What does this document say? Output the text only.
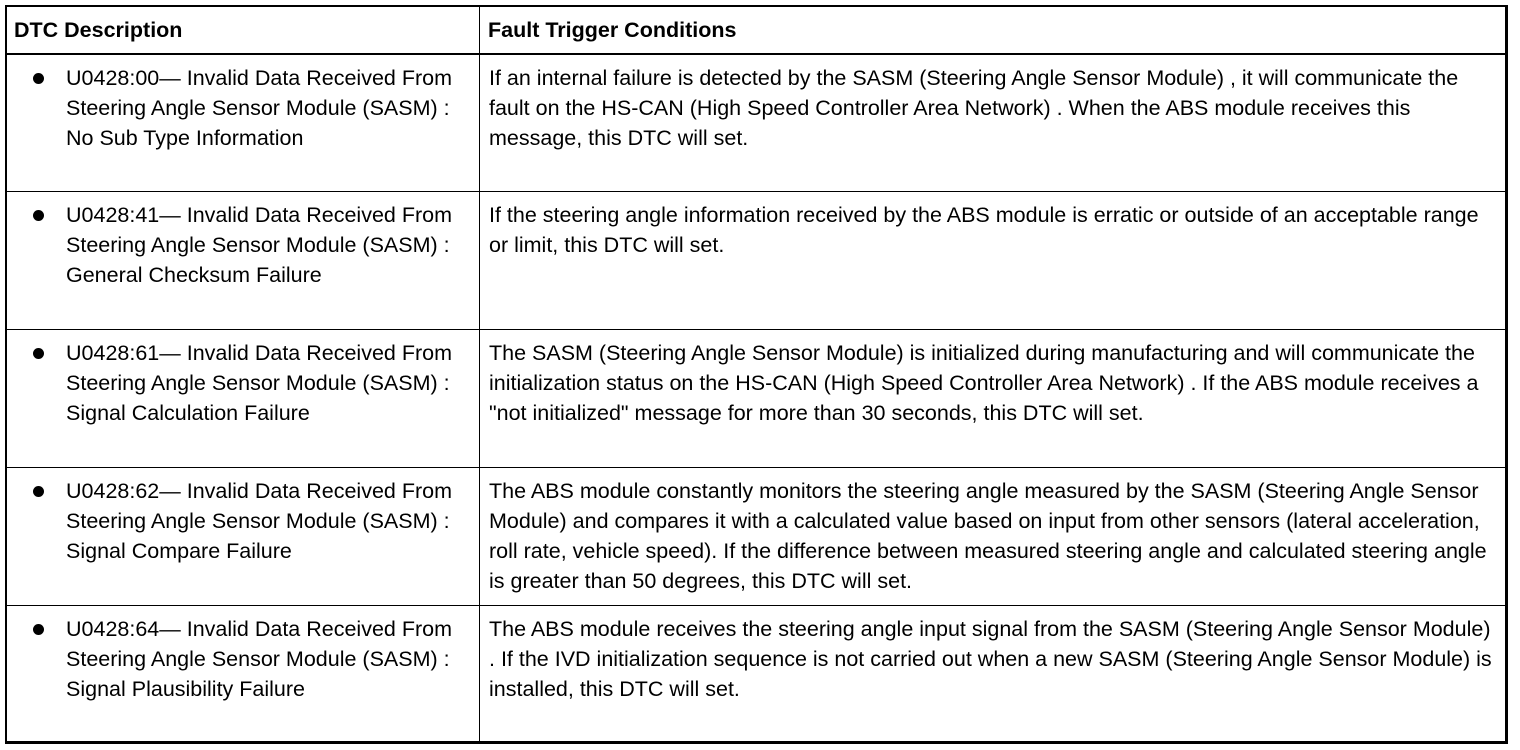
DTC Description	Fault Trigger Conditions

U0428:00— Invalid Data Received From Steering Angle Sensor Module (SASM) : No Sub Type Information	If an internal failure is detected by the SASM (Steering Angle Sensor Module) , it will communicate the fault on the HS-CAN (High Speed Controller Area Network) . When the ABS module receives this message, this DTC will set.

U0428:41— Invalid Data Received From Steering Angle Sensor Module (SASM) : General Checksum Failure	If the steering angle information received by the ABS module is erratic or outside of an acceptable range or limit, this DTC will set.

U0428:61— Invalid Data Received From Steering Angle Sensor Module (SASM) : Signal Calculation Failure	The SASM (Steering Angle Sensor Module) is initialized during manufacturing and will communicate the initialization status on the HS-CAN (High Speed Controller Area Network) . If the ABS module receives a "not initialized" message for more than 30 seconds, this DTC will set.

U0428:62— Invalid Data Received From Steering Angle Sensor Module (SASM) : Signal Compare Failure	The ABS module constantly monitors the steering angle measured by the SASM (Steering Angle Sensor Module) and compares it with a calculated value based on input from other sensors (lateral acceleration, roll rate, vehicle speed). If the difference between measured steering angle and calculated steering angle is greater than 50 degrees, this DTC will set.

U0428:64— Invalid Data Received From Steering Angle Sensor Module (SASM) : Signal Plausibility Failure	The ABS module receives the steering angle input signal from the SASM (Steering Angle Sensor Module) . If the IVD initialization sequence is not carried out when a new SASM (Steering Angle Sensor Module) is installed, this DTC will set.
